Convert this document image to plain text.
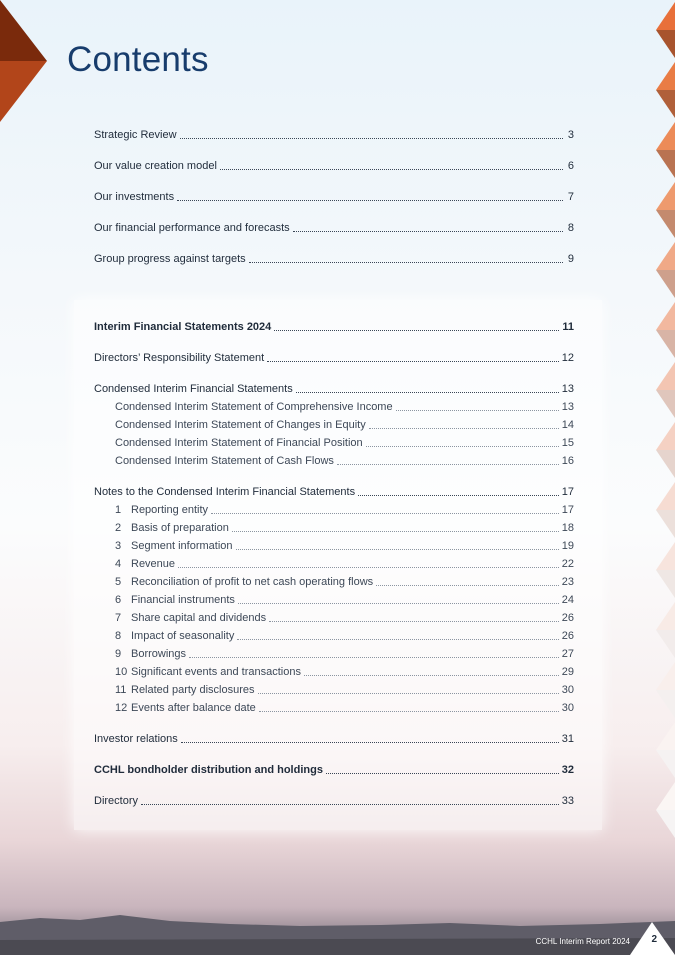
Contents
Strategic Review	3
Our value creation model	6
Our investments	7
Our financial performance and forecasts	8
Group progress against targets	9
Interim Financial Statements 2024	11
Directors’ Responsibility Statement	12
Condensed Interim Financial Statements	13
Condensed Interim Statement of Comprehensive Income	13
Condensed Interim Statement of Changes in Equity	14
Condensed Interim Statement of Financial Position	15
Condensed Interim Statement of Cash Flows	16
Notes to the Condensed Interim Financial Statements	17
1 Reporting entity	17
2 Basis of preparation	18
3 Segment information	19
4 Revenue	22
5 Reconciliation of profit to net cash operating flows	23
6 Financial instruments	24
7 Share capital and dividends	26
8 Impact of seasonality	26
9 Borrowings	27
10 Significant events and transactions	29
11 Related party disclosures	30
12 Events after balance date	30
Investor relations	31
CCHL bondholder distribution and holdings	32
Directory	33
CCHL Interim Report 2024 2
